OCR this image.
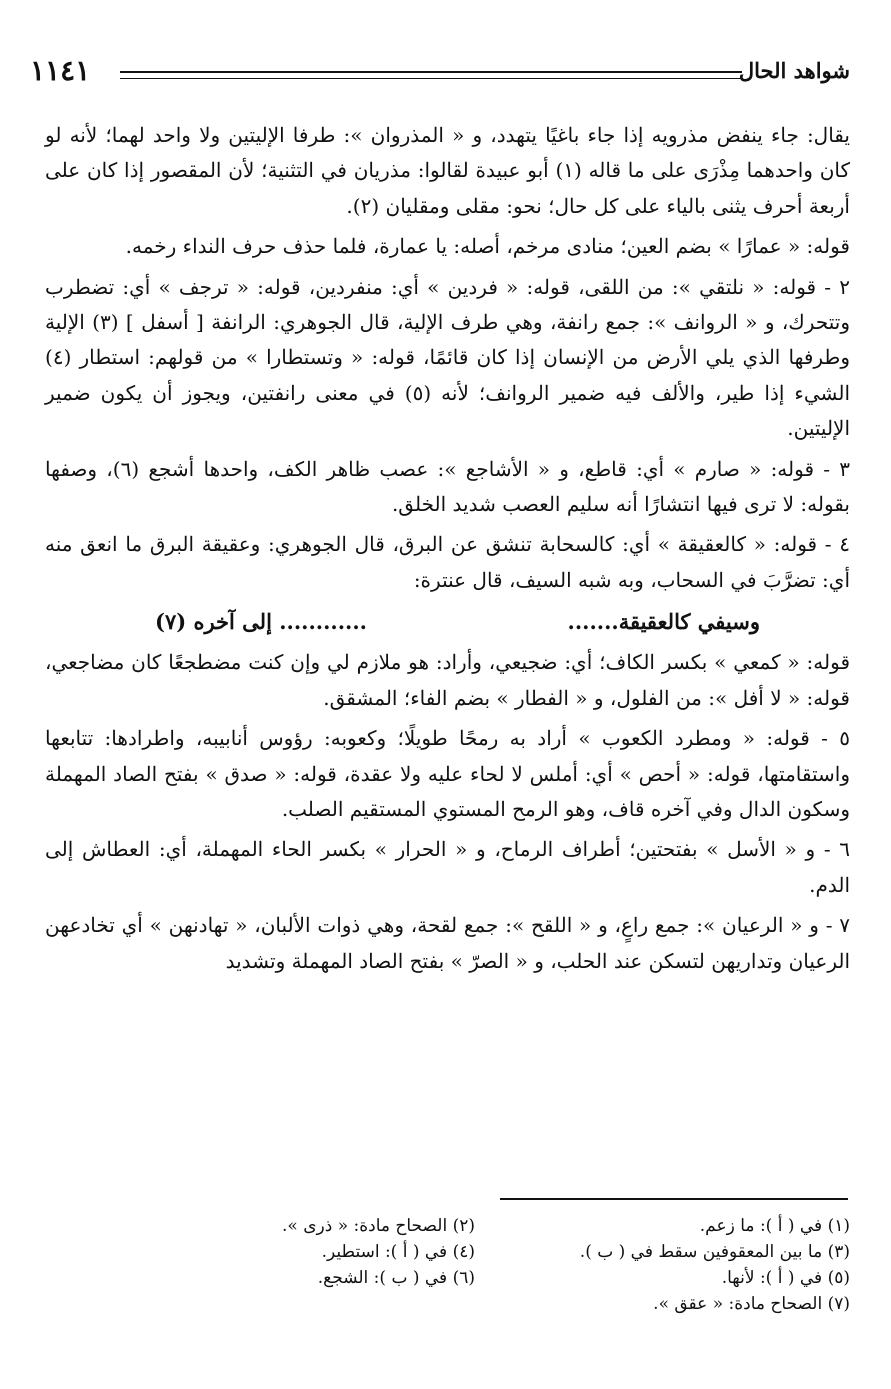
١١٤١	شواهد الحال

يقال: جاء ينفض مذرويه إذا جاء باغيًا يتهدد، و « المذروان »: طرفا الإليتين ولا واحد لهما؛ لأنه لو كان واحدهما مِذْرَى على ما قاله (١) أبو عبيدة لقالوا: مذريان في التثنية؛ لأن المقصور إذا كان على أربعة أحرف يثنى بالياء على كل حال؛ نحو: مقلى ومقليان (٢).

قوله: « عمارًا » بضم العين؛ منادى مرخم، أصله: يا عمارة، فلما حذف حرف النداء رخمه.

٢ - قوله: « نلتقي »: من اللقى، قوله: « فردين » أي: منفردين، قوله: « ترجف » أي: تضطرب وتتحرك، و « الروانف »: جمع رانفة، وهي طرف الإلية، قال الجوهري: الرانفة [ أسفل ] (٣) الإلية وطرفها الذي يلي الأرض من الإنسان إذا كان قائمًا، قوله: « وتستطارا » من قولهم: استطار (٤) الشيء إذا طير، والألف فيه ضمير الروانف؛ لأنه (٥) في معنى رانفتين، ويجوز أن يكون ضمير الإليتين.

٣ - قوله: « صارم » أي: قاطع، و « الأشاجع »: عصب ظاهر الكف، واحدها أشجع (٦)، وصفها بقوله: لا ترى فيها انتشارًا أنه سليم العصب شديد الخلق.

٤ - قوله: « كالعقيقة » أي: كالسحابة تنشق عن البرق، قال الجوهري: وعقيقة البرق ما انعق منه أي: تضرَّبَ في السحاب، وبه شبه السيف، قال عنترة:

وسيفي كالعقيقة.......
............ إلى آخره (٧)

قوله: « كمعي » بكسر الكاف؛ أي: ضجيعي، وأراد: هو ملازم لي وإن كنت مضطجعًا كان مضاجعي، قوله: « لا أفل »: من الفلول، و « الفطار » بضم الفاء؛ المشقق.

٥ - قوله: « ومطرد الكعوب » أراد به رمحًا طويلًا؛ وكعوبه: رؤوس أنابيبه، واطرادها: تتابعها واستقامتها، قوله: « أحص » أي: أملس لا لحاء عليه ولا عقدة، قوله: « صدق » بفتح الصاد المهملة وسكون الدال وفي آخره قاف، وهو الرمح المستوي المستقيم الصلب.

٦ - و « الأسل » بفتحتين؛ أطراف الرماح، و « الحرار » بكسر الحاء المهملة، أي: العطاش إلى الدم.

٧ - و « الرعيان »: جمع راعٍ، و « اللقح »: جمع لقحة، وهي ذوات الألبان، « تهادنهن » أي تخادعهن الرعيان وتداريهن لتسكن عند الحلب، و « الصرّ » بفتح الصاد المهملة وتشديد

(١) في ( أ ): ما زعم.
(٢) الصحاح مادة: « ذرى ».
(٣) ما بين المعقوفين سقط في ( ب ).
(٤) في ( أ ): استطير.
(٥) في ( أ ): لأنها.
(٦) في ( ب ): الشجع.
(٧) الصحاح مادة: « عقق ».
